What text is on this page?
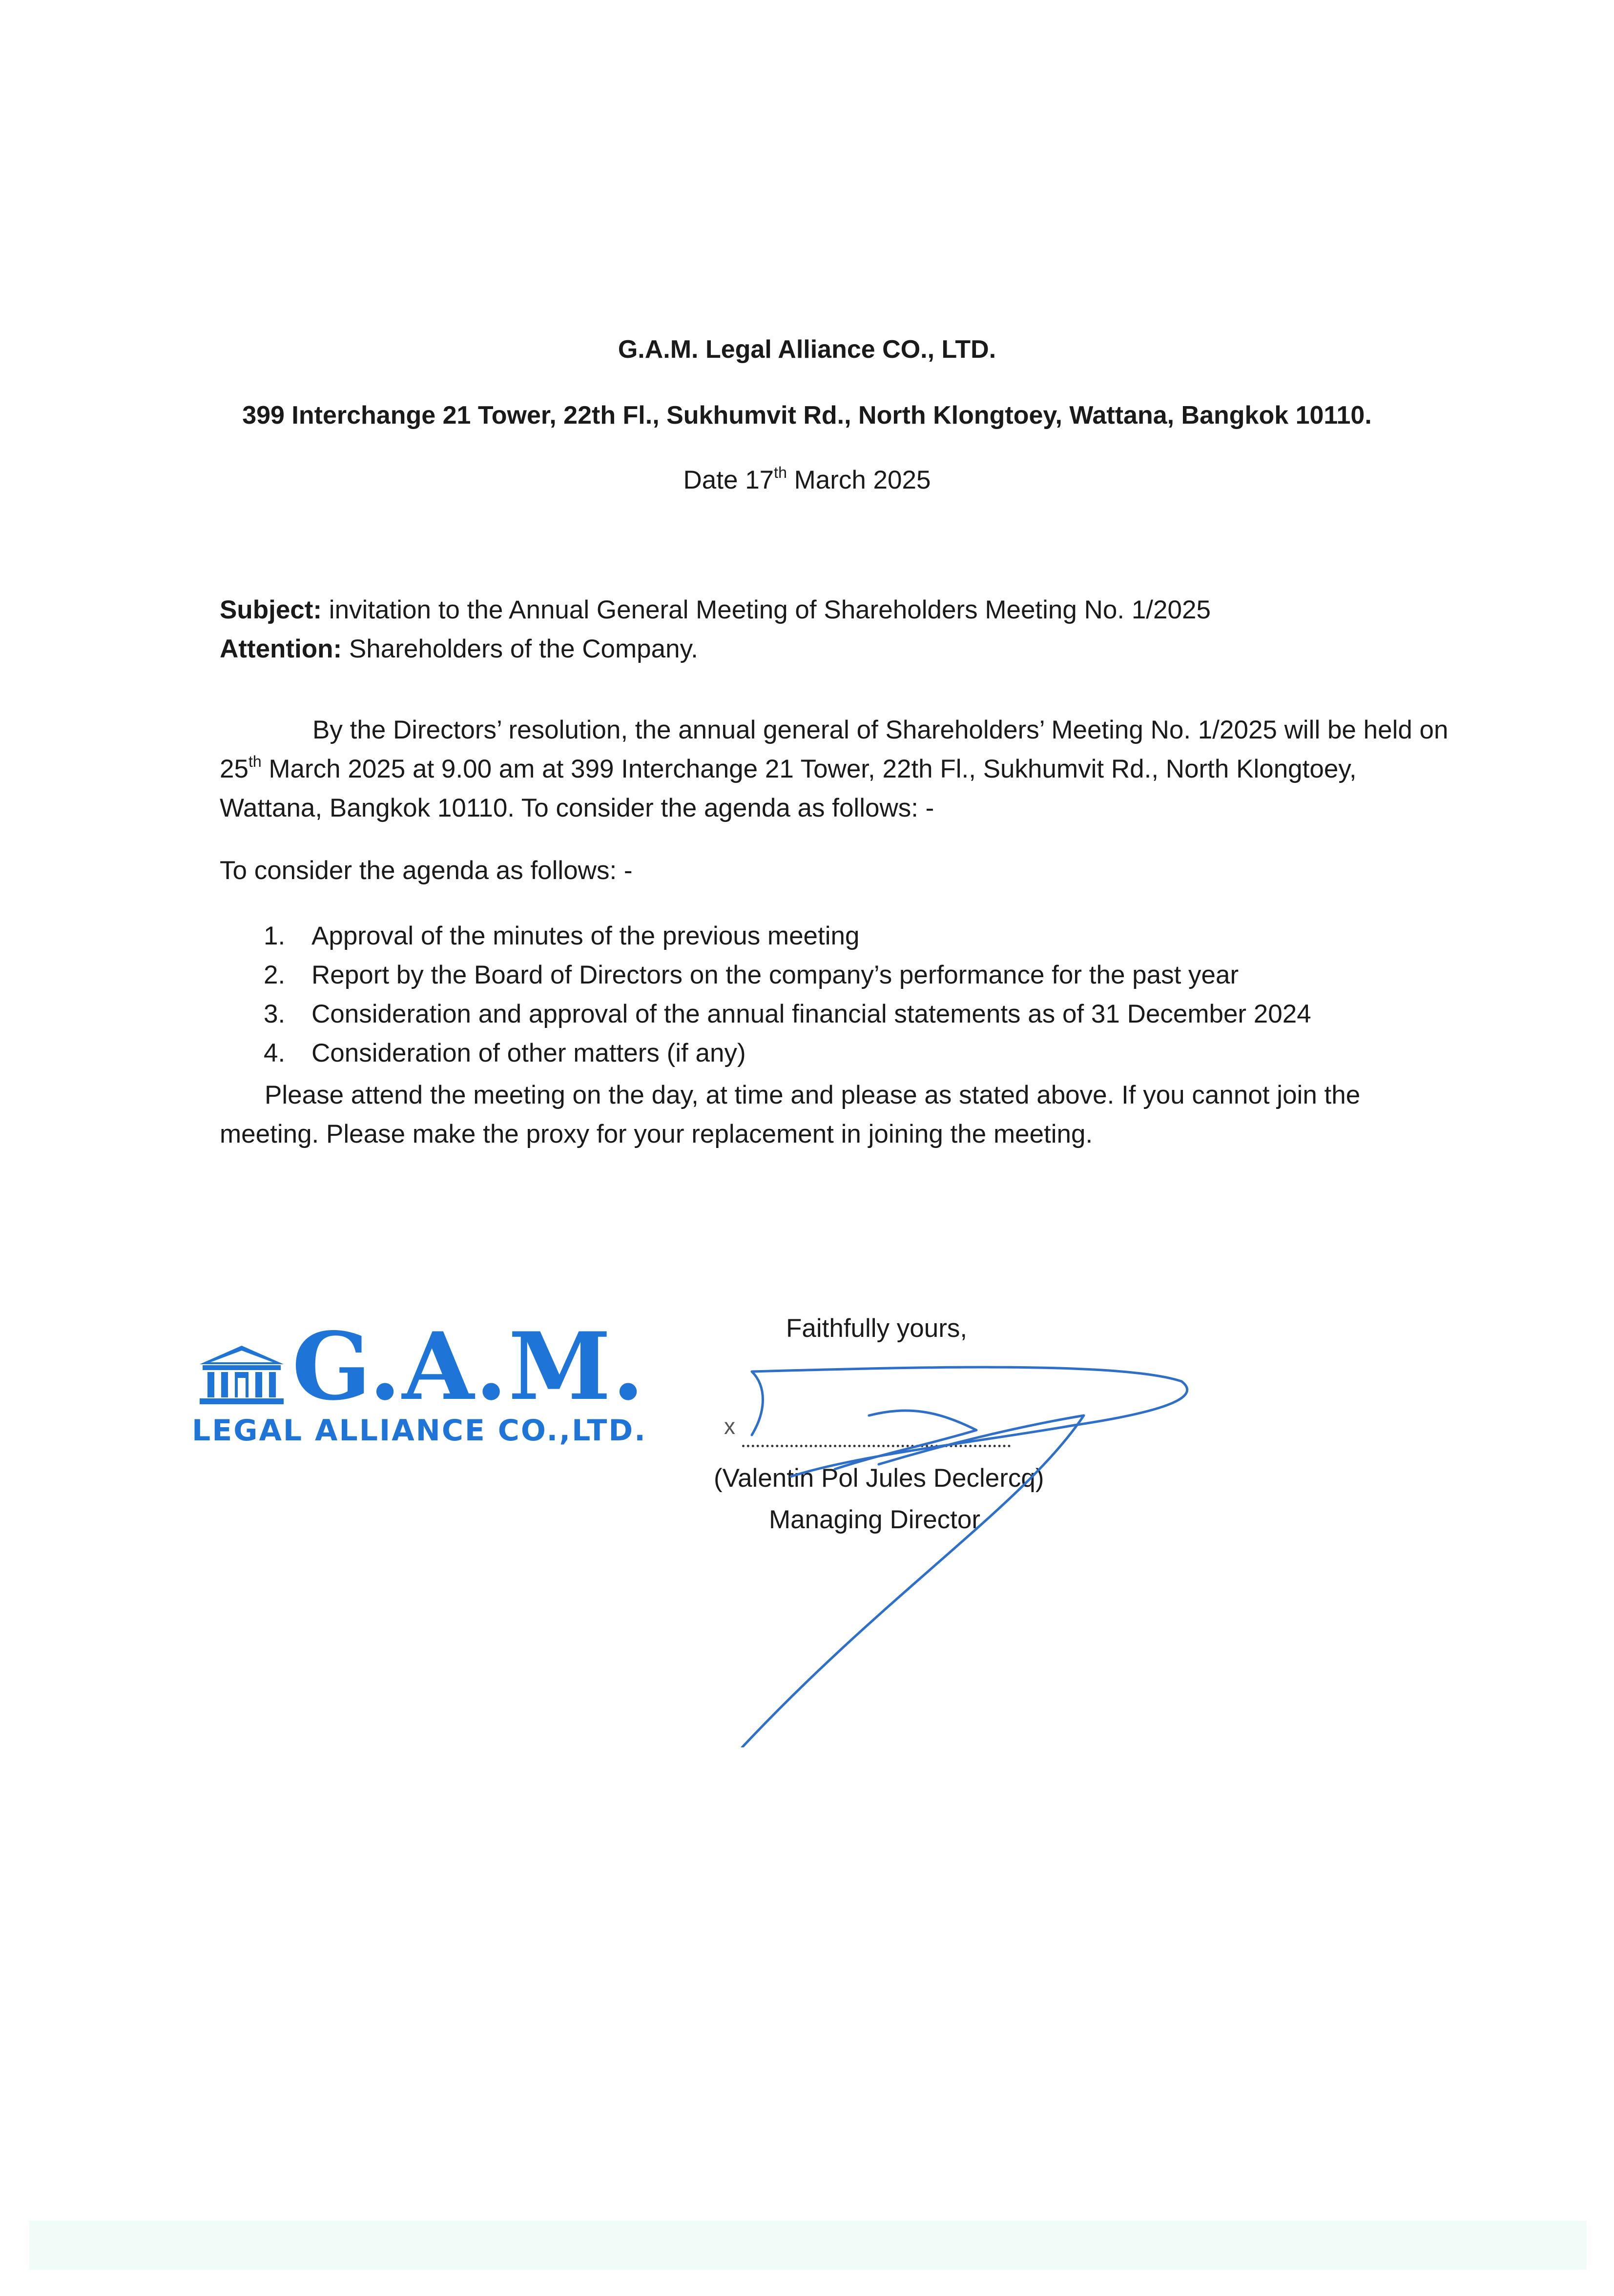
G.A.M. Legal Alliance CO., LTD.
399 Interchange 21 Tower, 22th Fl., Sukhumvit Rd., North Klongtoey, Wattana, Bangkok 10110.
Date 17th March 2025
Subject: invitation to the Annual General Meeting of Shareholders Meeting No. 1/2025
Attention: Shareholders of the Company.
By the Directors’ resolution, the annual general of Shareholders’ Meeting No. 1/2025 will be held on
25th March 2025 at 9.00 am at 399 Interchange 21 Tower, 22th Fl., Sukhumvit Rd., North Klongtoey,
Wattana, Bangkok 10110. To consider the agenda as follows: -
To consider the agenda as follows: -
1.	Approval of the minutes of the previous meeting
2.	Report by the Board of Directors on the company’s performance for the past year
3.	Consideration and approval of the annual financial statements as of 31 December 2024
4.	Consideration of other matters (if any)
Please attend the meeting on the day, at time and please as stated above. If you cannot join the
meeting. Please make the proxy for your replacement in joining the meeting.
G.A.M.
LEGAL ALLIANCE CO.,LTD.
Faithfully yours,
x
(Valentin Pol Jules Declercq)
Managing Director
